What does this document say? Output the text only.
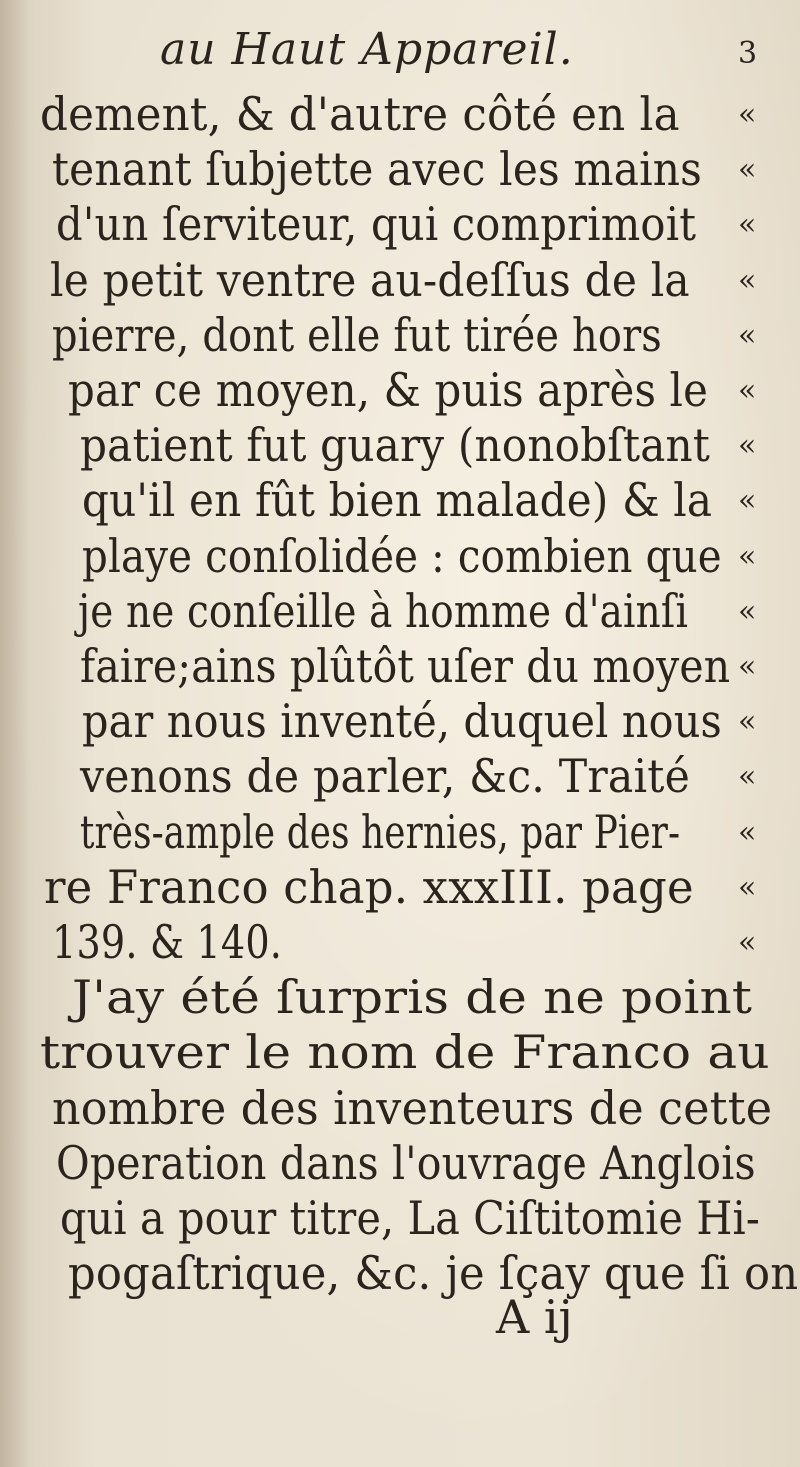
au Haut Appareil.	3
dement, & d'autre côté en la «
tenant ſubjette avec les mains «
d'un ſerviteur, qui comprimoit «
le petit ventre au-deſſus de la «
pierre, dont elle fut tirée hors	«
par ce moyen, & puis après le «
patient fut guary (nonobſtant «
qu'il en fût bien malade) & la «
playe conſolidée : combien que «
je ne conſeille à homme d'ainſi «
faire;ains plûtôt uſer du moyen «
par nous inventé, duquel nous «
venons de parler, &c. Traité «
très-ample des hernies, par Pier- «
re Franco chap. xxxIII. page «
139. & 140.	«
J'ay été ſurpris de ne point
trouver le nom de Franco au
nombre des inventeurs de cette
Operation dans l'ouvrage Anglois
qui a pour titre, La Ciſtitomie Hi-
pogaſtrique, &c. je ſçay que ſi on
A ij
